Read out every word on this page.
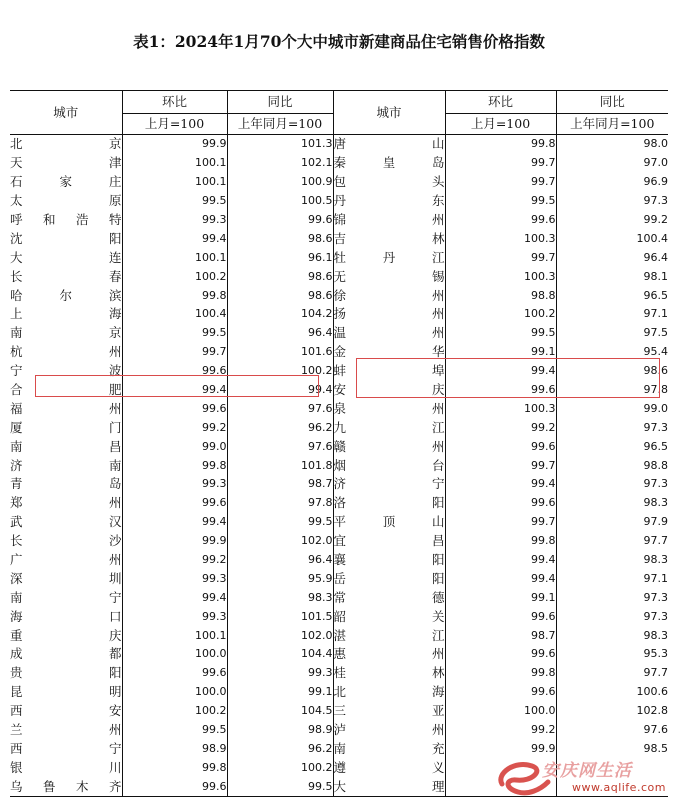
表1：2024年1月70个大中城市新建商品住宅销售价格指数
城市	环比	同比	城市	环比	同比
	上月=100	上年同月=100		上月=100	上年同月=100

北京	99.9	101.3	唐山	99.8	98.0

天津	100.1	102.1	秦皇岛	99.7	97.0

石家庄	100.1	100.9	包头	99.7	96.9

太原	99.5	100.5	丹东	99.5	97.3

呼和浩特	99.3	99.6	锦州	99.6	99.2

沈阳	99.4	98.6	吉林	100.3	100.4

大连	100.1	96.1	牡丹江	99.7	96.4

长春	100.2	98.6	无锡	100.3	98.1

哈尔滨	99.8	98.6	徐州	98.8	96.5

上海	100.4	104.2	扬州	100.2	97.1

南京	99.5	96.4	温州	99.5	97.5

杭州	99.7	101.6	金华	99.1	95.4

宁波	99.6	100.2	蚌埠	99.4	98.6

合肥	99.4	99.4	安庆	99.6	97.8

福州	99.6	97.6	泉州	100.3	99.0

厦门	99.2	96.2	九江	99.2	97.3

南昌	99.0	97.6	赣州	99.6	96.5

济南	99.8	101.8	烟台	99.7	98.8

青岛	99.3	98.7	济宁	99.4	97.3

郑州	99.6	97.8	洛阳	99.6	98.3

武汉	99.4	99.5	平顶山	99.7	97.9

长沙	99.9	102.0	宜昌	99.8	97.7

广州	99.2	96.4	襄阳	99.4	98.3

深圳	99.3	95.9	岳阳	99.4	97.1

南宁	99.4	98.3	常德	99.1	97.3

海口	99.3	101.5	韶关	99.6	97.3

重庆	100.1	102.0	湛江	98.7	98.3

成都	100.0	104.4	惠州	99.6	95.3

贵阳	99.6	99.3	桂林	99.8	97.7

昆明	100.0	99.1	北海	99.6	100.6

西安	100.2	104.5	三亚	100.0	102.8

兰州	99.5	98.9	泸州	99.2	97.6

西宁	98.9	96.2	南充	99.9	98.5

银川	99.8	100.2	遵义		

乌鲁木齐	99.6	99.5	大理		

安庆网生活
www.aqlife.com
